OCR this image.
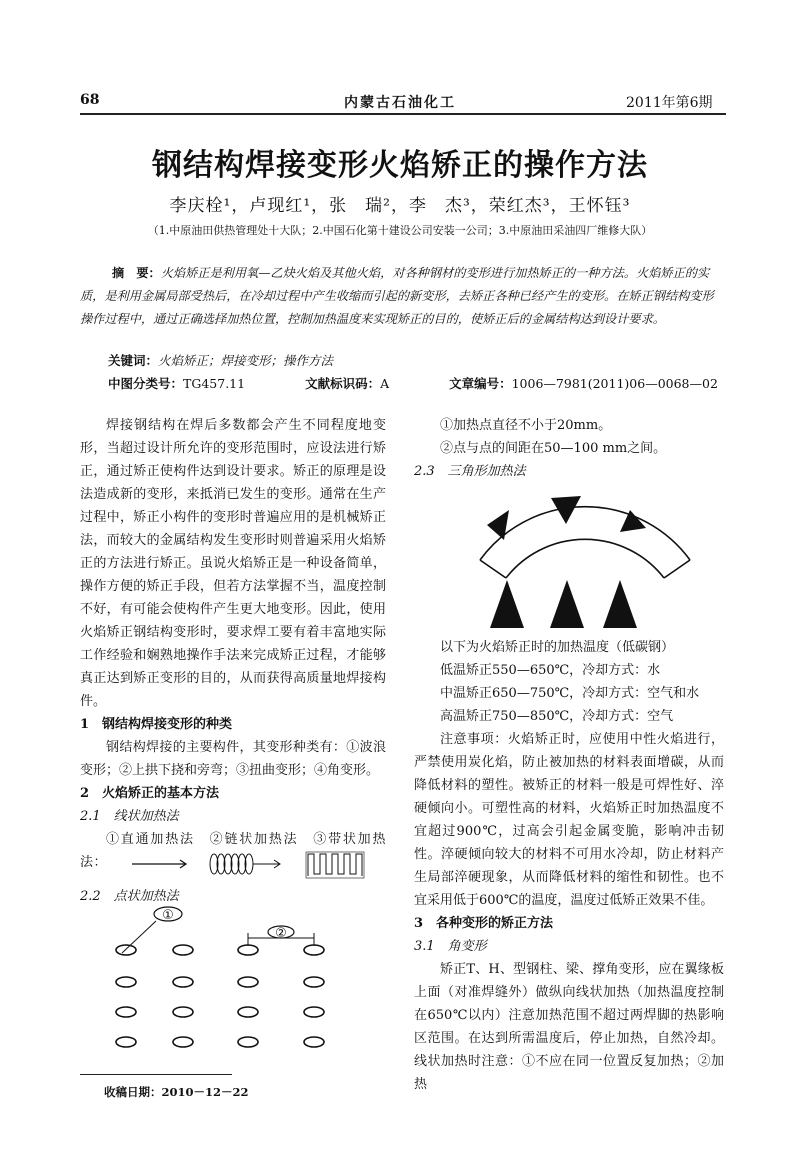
68	内蒙古石油化工	2011年第6期
钢结构焊接变形火焰矫正的操作方法
李庆栓¹，卢现红¹，张　瑞²，李　杰³，荣红杰³，王怀钰³
（1.中原油田供热管理处十大队；2.中国石化第十建设公司安装一公司；3.中原油田采油四厂维修大队）
摘　要：火焰矫正是利用氧—乙炔火焰及其他火焰，对各种钢材的变形进行加热矫正的一种方法。火焰矫正的实质，是利用金属局部受热后，在冷却过程中产生收缩而引起的新变形，去矫正各种已经产生的变形。在矫正钢结构变形操作过程中，通过正确选择加热位置，控制加热温度来实现矫正的目的，使矫正后的金属结构达到设计要求。
关键词：火焰矫正；焊接变形；操作方法
中图分类号：TG457.11	文献标识码：A	文章编号：1006—7981(2011)06—0068—02

焊接钢结构在焊后多数都会产生不同程度地变形，当超过设计所允许的变形范围时，应设法进行矫正，通过矫正使构件达到设计要求。矫正的原理是设法造成新的变形，来抵消已发生的变形。通常在生产过程中，矫正小构件的变形时普遍应用的是机械矫正法，而较大的金属结构发生变形时则普遍采用火焰矫正的方法进行矫正。虽说火焰矫正是一种设备简单，操作方便的矫正手段，但若方法掌握不当，温度控制不好，有可能会使构件产生更大地变形。因此，使用火焰矫正钢结构变形时，要求焊工要有着丰富地实际工作经验和娴熟地操作手法来完成矫正过程，才能够真正达到矫正变形的目的，从而获得高质量地焊接构件。

1　钢结构焊接变形的种类

钢结构焊接的主要构件，其变形种类有：①波浪变形；②上拱下挠和旁弯；③扭曲变形；④角变形。

2　火焰矫正的基本方法

2.1　线状加热法

①直通加热法　②链状加热法　③带状加热法：

2.2　点状加热法
①
②
收稿日期：2010－12－22

①加热点直径不小于20mm。

②点与点的间距在50—100 mm之间。

2.3　三角形加热法

以下为火焰矫正时的加热温度（低碳钢）

低温矫正550—650℃，冷却方式：水

中温矫正650—750℃，冷却方式：空气和水

高温矫正750—850℃，冷却方式：空气

注意事项：火焰矫正时，应使用中性火焰进行，严禁使用炭化焰，防止被加热的材料表面增碳，从而降低材料的塑性。被矫正的材料一般是可焊性好、淬硬倾向小。可塑性高的材料，火焰矫正时加热温度不宜超过900℃，过高会引起金属变脆，影响冲击韧性。淬硬倾向较大的材料不可用水冷却，防止材料产生局部淬硬现象，从而降低材料的缩性和韧性。也不宜采用低于600℃的温度，温度过低矫正效果不佳。

3　各种变形的矫正方法

3.1　角变形

矫正T、H、型钢柱、梁、撑角变形，应在翼缘板上面（对准焊缝外）做纵向线状加热（加热温度控制在650℃以内）注意加热范围不超过两焊脚的热影响区范围。在达到所需温度后，停止加热，自然冷却。线状加热时注意：①不应在同一位置反复加热；②加热
